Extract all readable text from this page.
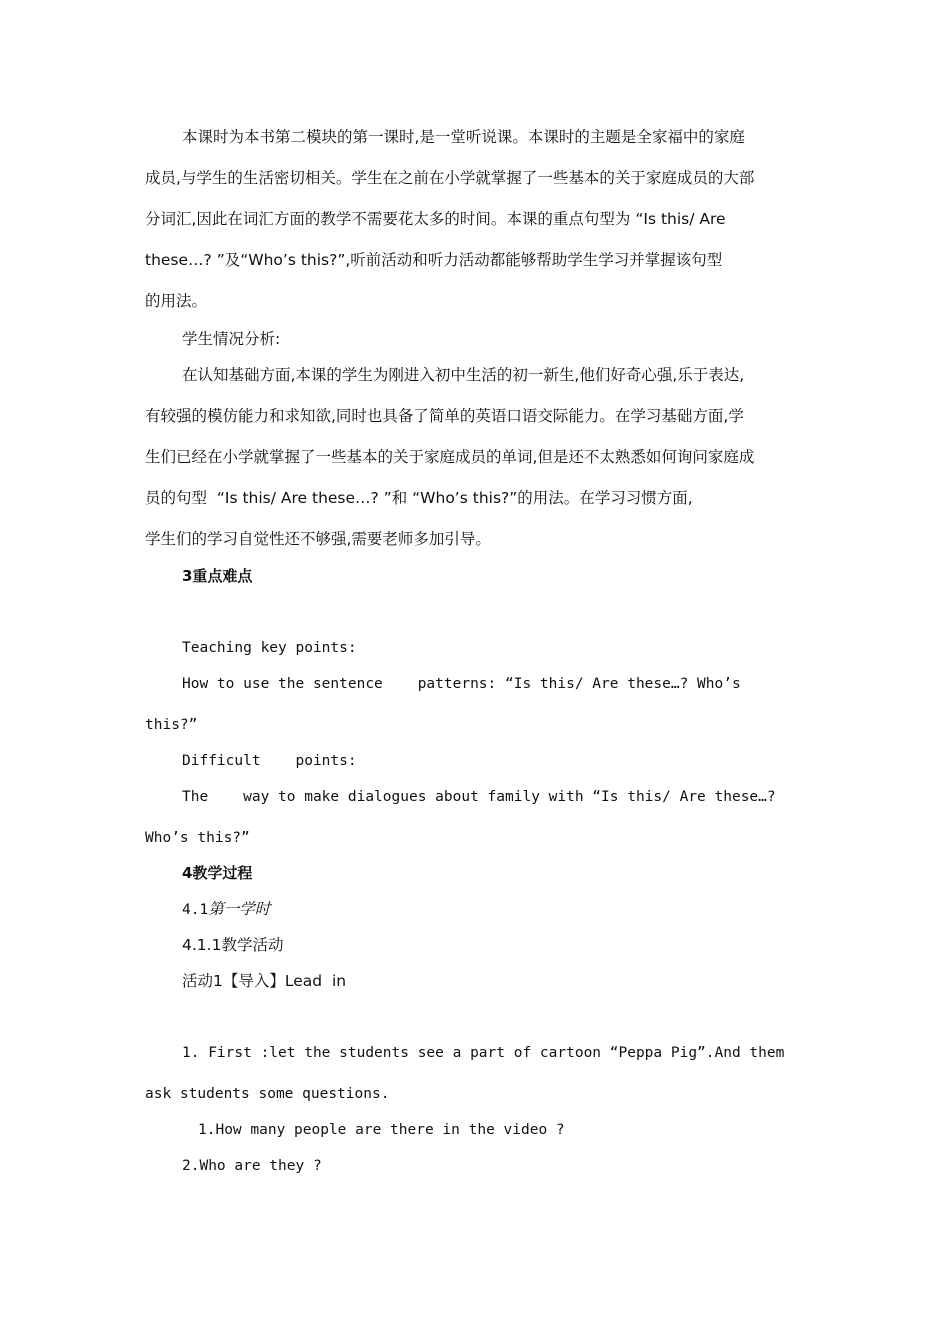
本课时为本书第二模块的第一课时,是一堂听说课。本课时的主题是全家福中的家庭
成员,与学生的生活密切相关。学生在之前在小学就掌握了一些基本的关于家庭成员的大部
分词汇,因此在词汇方面的教学不需要花太多的时间。本课的重点句型为 “Is this/ Are
these…? ”及“Who’s this?”,听前活动和听力活动都能够帮助学生学习并掌握该句型
的用法。
学生情况分析:
在认知基础方面,本课的学生为刚进入初中生活的初一新生,他们好奇心强,乐于表达,
有较强的模仿能力和求知欲,同时也具备了简单的英语口语交际能力。在学习基础方面,学
生们已经在小学就掌握了一些基本的关于家庭成员的单词,但是还不太熟悉如何询问家庭成
员的句型  “Is this/ Are these…? ”和 “Who’s this?”的用法。在学习习惯方面,
学生们的学习自觉性还不够强,需要老师多加引导。
3重点难点
Teaching key points:
How to use the sentence    patterns: “Is this/ Are these…? Who’s
this?”
Difficult    points:
The    way to make dialogues about family with “Is this/ Are these…?
Who’s this?”
4教学过程
4.1第一学时
4.1.1教学活动
活动1【导入】Lead  in
1. First :let the students see a part of cartoon “Peppa Pig”.And them
ask students some questions.
1.How many people are there in the video ?
2.Who are they ?
